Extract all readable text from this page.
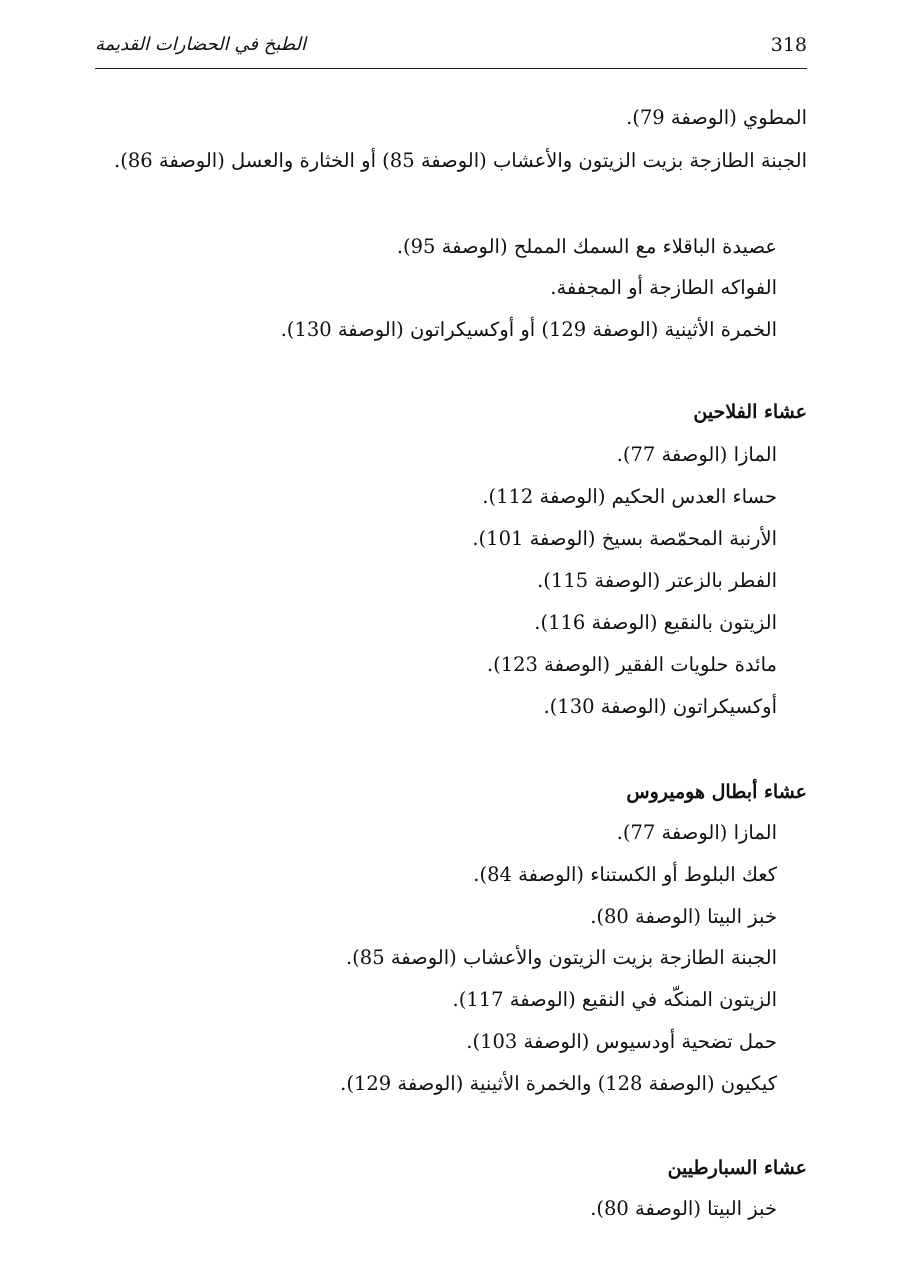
318
الطبخ في الحضارات القديمة
المطوي (الوصفة 79).
الجبنة الطازجة بزيت الزيتون والأعشاب (الوصفة 85) أو الخثارة والعسل (الوصفة 86).
عصيدة الباقلاء مع السمك المملح (الوصفة 95).
الفواكه الطازجة أو المجففة.
الخمرة الأثينية (الوصفة 129) أو أوكسيكراتون (الوصفة 130).
عشاء الفلاحين
المازا (الوصفة 77).
حساء العدس الحكيم (الوصفة 112).
الأرنبة المحمّصة بسيخ (الوصفة 101).
الفطر بالزعتر (الوصفة 115).
الزيتون بالنقيع (الوصفة 116).
مائدة حلويات الفقير (الوصفة 123).
أوكسيكراتون (الوصفة 130).
عشاء أبطال هوميروس
المازا (الوصفة 77).
كعك البلوط أو الكستناء (الوصفة 84).
خبز البيتا (الوصفة 80).
الجبنة الطازجة بزيت الزيتون والأعشاب (الوصفة 85).
الزيتون المنكّه في النقيع (الوصفة 117).
حمل تضحية أودسيوس (الوصفة 103).
كيكيون (الوصفة 128) والخمرة الأثينية (الوصفة 129).
عشاء السبارطيين
خبز البيتا (الوصفة 80).
